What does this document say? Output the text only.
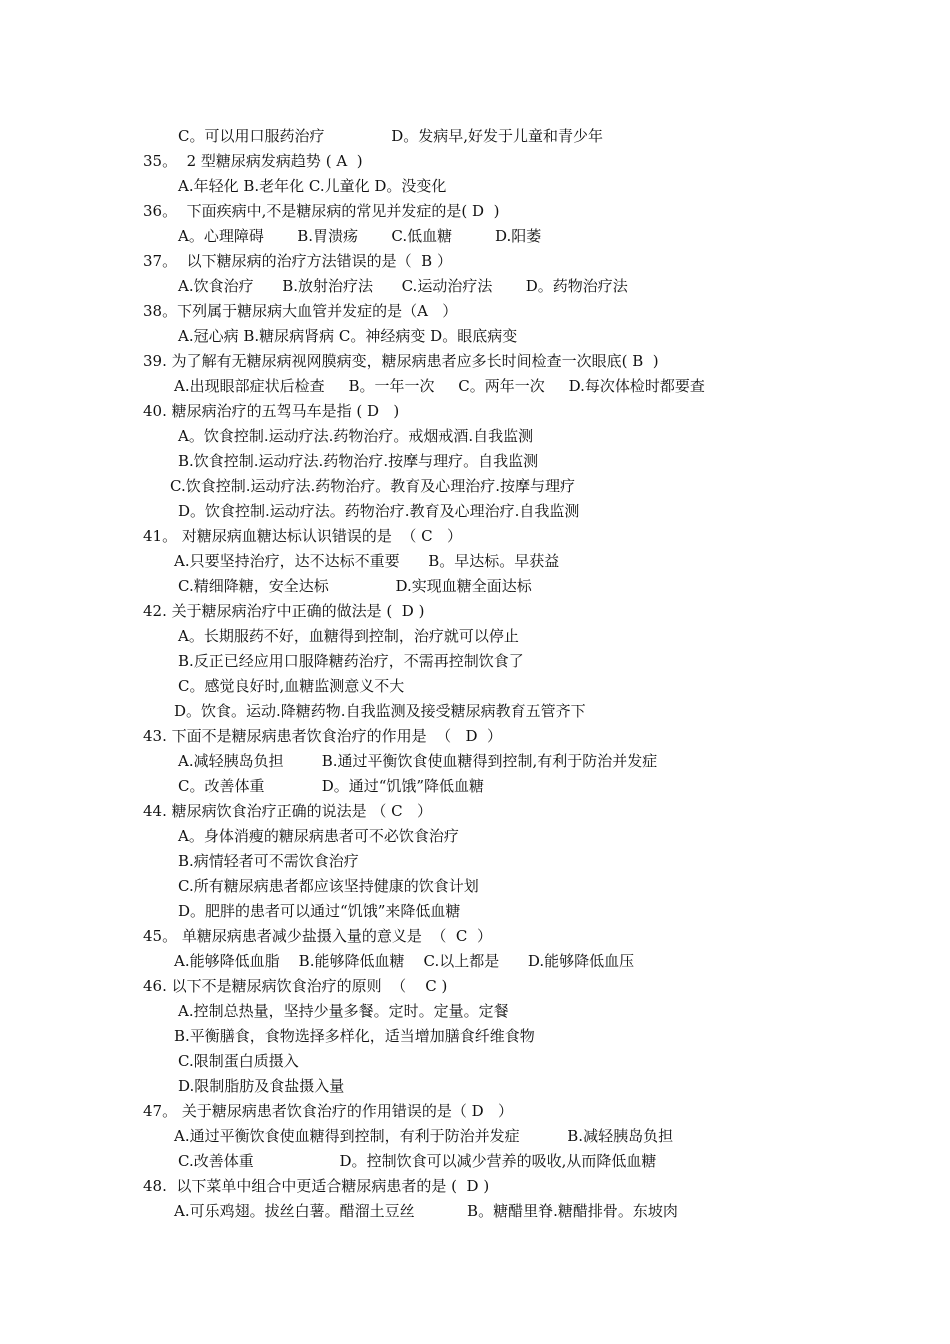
C。可以用口服药治疗              D。发病早,好发于儿童和青少年
35。  2 型糖尿病发病趋势 ( A  )
A.年轻化 B.老年化 C.儿童化 D。没变化
36。  下面疾病中,不是糖尿病的常见并发症的是( D  )
A。心理障碍       B.胃溃疡       C.低血糖         D.阳萎
37。  以下糖尿病的治疗方法错误的是（  B ）
A.饮食治疗      B.放射治疗法      C.运动治疗法       D。药物治疗法
38。下列属于糖尿病大血管并发症的是（A   ）
A.冠心病 B.糖尿病肾病 C。神经病变 D。眼底病变
39. 为了解有无糖尿病视网膜病变，糖尿病患者应多长时间检查一次眼底( B  )
A.出现眼部症状后检查     B。一年一次     C。两年一次     D.每次体检时都要查
40. 糖尿病治疗的五驾马车是指 ( D   )
A。饮食控制.运动疗法.药物治疗。戒烟戒酒.自我监测
B.饮食控制.运动疗法.药物治疗.按摩与理疗。自我监测
C.饮食控制.运动疗法.药物治疗。教育及心理治疗.按摩与理疗
D。饮食控制.运动疗法。药物治疗.教育及心理治疗.自我监测
41。 对糖尿病血糖达标认识错误的是  （ C   ）
A.只要坚持治疗，达不达标不重要      B。早达标。早获益
C.精细降糖，安全达标              D.实现血糖全面达标
42. 关于糖尿病治疗中正确的做法是 (  D )
A。长期服药不好，血糖得到控制，治疗就可以停止
B.反正已经应用口服降糖药治疗，不需再控制饮食了
C。感觉良好时,血糖监测意义不大
D。饮食。运动.降糖药物.自我监测及接受糖尿病教育五管齐下
43. 下面不是糖尿病患者饮食治疗的作用是  （   D  ）
A.减轻胰岛负担        B.通过平衡饮食使血糖得到控制,有利于防治并发症
C。改善体重            D。通过“饥饿”降低血糖
44. 糖尿病饮食治疗正确的说法是 （ C   ）
A。身体消瘦的糖尿病患者可不必饮食治疗
B.病情轻者可不需饮食治疗
C.所有糖尿病患者都应该坚持健康的饮食计划
D。肥胖的患者可以通过“饥饿”来降低血糖
45。 单糖尿病患者减少盐摄入量的意义是  （  C  ）
A.能够降低血脂    B.能够降低血糖    C.以上都是      D.能够降低血压
46. 以下不是糖尿病饮食治疗的原则  （    C )
A.控制总热量，坚持少量多餐。定时。定量。定餐
B.平衡膳食，食物选择多样化，适当增加膳食纤维食物
C.限制蛋白质摄入
D.限制脂肪及食盐摄入量
47。 关于糖尿病患者饮食治疗的作用错误的是（ D   ）
A.通过平衡饮食使血糖得到控制，有利于防治并发症          B.减轻胰岛负担
C.改善体重                  D。控制饮食可以减少营养的吸收,从而降低血糖
48.  以下菜单中组合中更适合糖尿病患者的是 (  D )
A.可乐鸡翅。拔丝白薯。醋溜土豆丝           B。糖醋里脊.糖醋排骨。东坡肉
